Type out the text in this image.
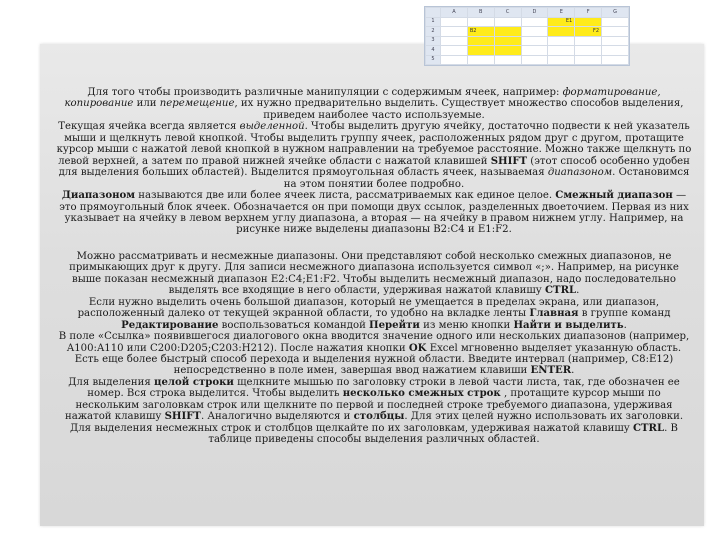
	A	B	C	D	E	F	G
1					E1		
2		B2				F2	
3							
4							
5							

Для того чтобы производить различные манипуляции с содержимым ячеек, например: форматирование, копирование или перемещение, их нужно предварительно выделить. Существует множество способов выделения, приведем наиболее часто используемые.

Текущая ячейка всегда является выделенной. Чтобы выделить другую ячейку, достаточно подвести к ней указатель мыши и щелкнуть левой кнопкой. Чтобы выделить группу ячеек, расположенных рядом друг с другом, протащите курсор мыши с нажатой левой кнопкой в нужном направлении на требуемое расстояние. Можно также щелкнуть по левой верхней, а затем по правой нижней ячейке области с нажатой клавишей SHIFT (этот способ особенно удобен для выделения больших областей). Выделится прямоугольная область ячеек, называемая диапазоном. Остановимся на этом понятии более подробно.

Диапазоном называются две или более ячеек листа, рассматриваемых как единое целое. Смежный диапазон — это прямоугольный блок ячеек. Обозначается он при помощи двух ссылок, разделенных двоеточием. Первая из них указывает на ячейку в левом верхнем углу диапазона, а вторая — на ячейку в правом нижнем углу. Например, на рисунке ниже выделены диапазоны B2:C4 и E1:F2.

Можно рассматривать и несмежные диапазоны. Они представляют собой несколько смежных диапазонов, не примыкающих друг к другу. Для записи несмежного диапазона используется символ «;». Например, на рисунке выше показан несмежный диапазон E2:C4;E1:F2. Чтобы выделить несмежный диапазон, надо последовательно выделять все входящие в него области, удерживая нажатой клавишу CTRL.

Если нужно выделить очень большой диапазон, который не умещается в пределах экрана, или диапазон, расположенный далеко от текущей экранной области, то удобно на вкладке ленты Главная в группе команд Редактирование воспользоваться командой Перейти из меню кнопки Найти и выделить.

В поле «Ссылка» появившегося диалогового окна вводится значение одного или нескольких диапазонов (например, A100:A110 или C200:D205;C203:H212). После нажатия кнопки OK Excel мгновенно выделяет указанную область.

Есть еще более быстрый способ перехода и выделения нужной области. Введите интервал (например, C8:E12) непосредственно в поле имен, завершая ввод нажатием клавиши ENTER.

Для выделения целой строки щелкните мышью по заголовку строки в левой части листа, так, где обозначен ее номер. Вся строка выделится. Чтобы выделить несколько смежных строк , протащите курсор мыши по нескольким заголовкам строк или щелкните по первой и последней строке требуемого диапазона, удерживая нажатой клавишу SHIFT. Аналогично выделяются и столбцы. Для этих целей нужно использовать их заголовки. Для выделения несмежных строк и столбцов щелкайте по их заголовкам, удерживая нажатой клавишу CTRL. В таблице приведены способы выделения различных областей.
